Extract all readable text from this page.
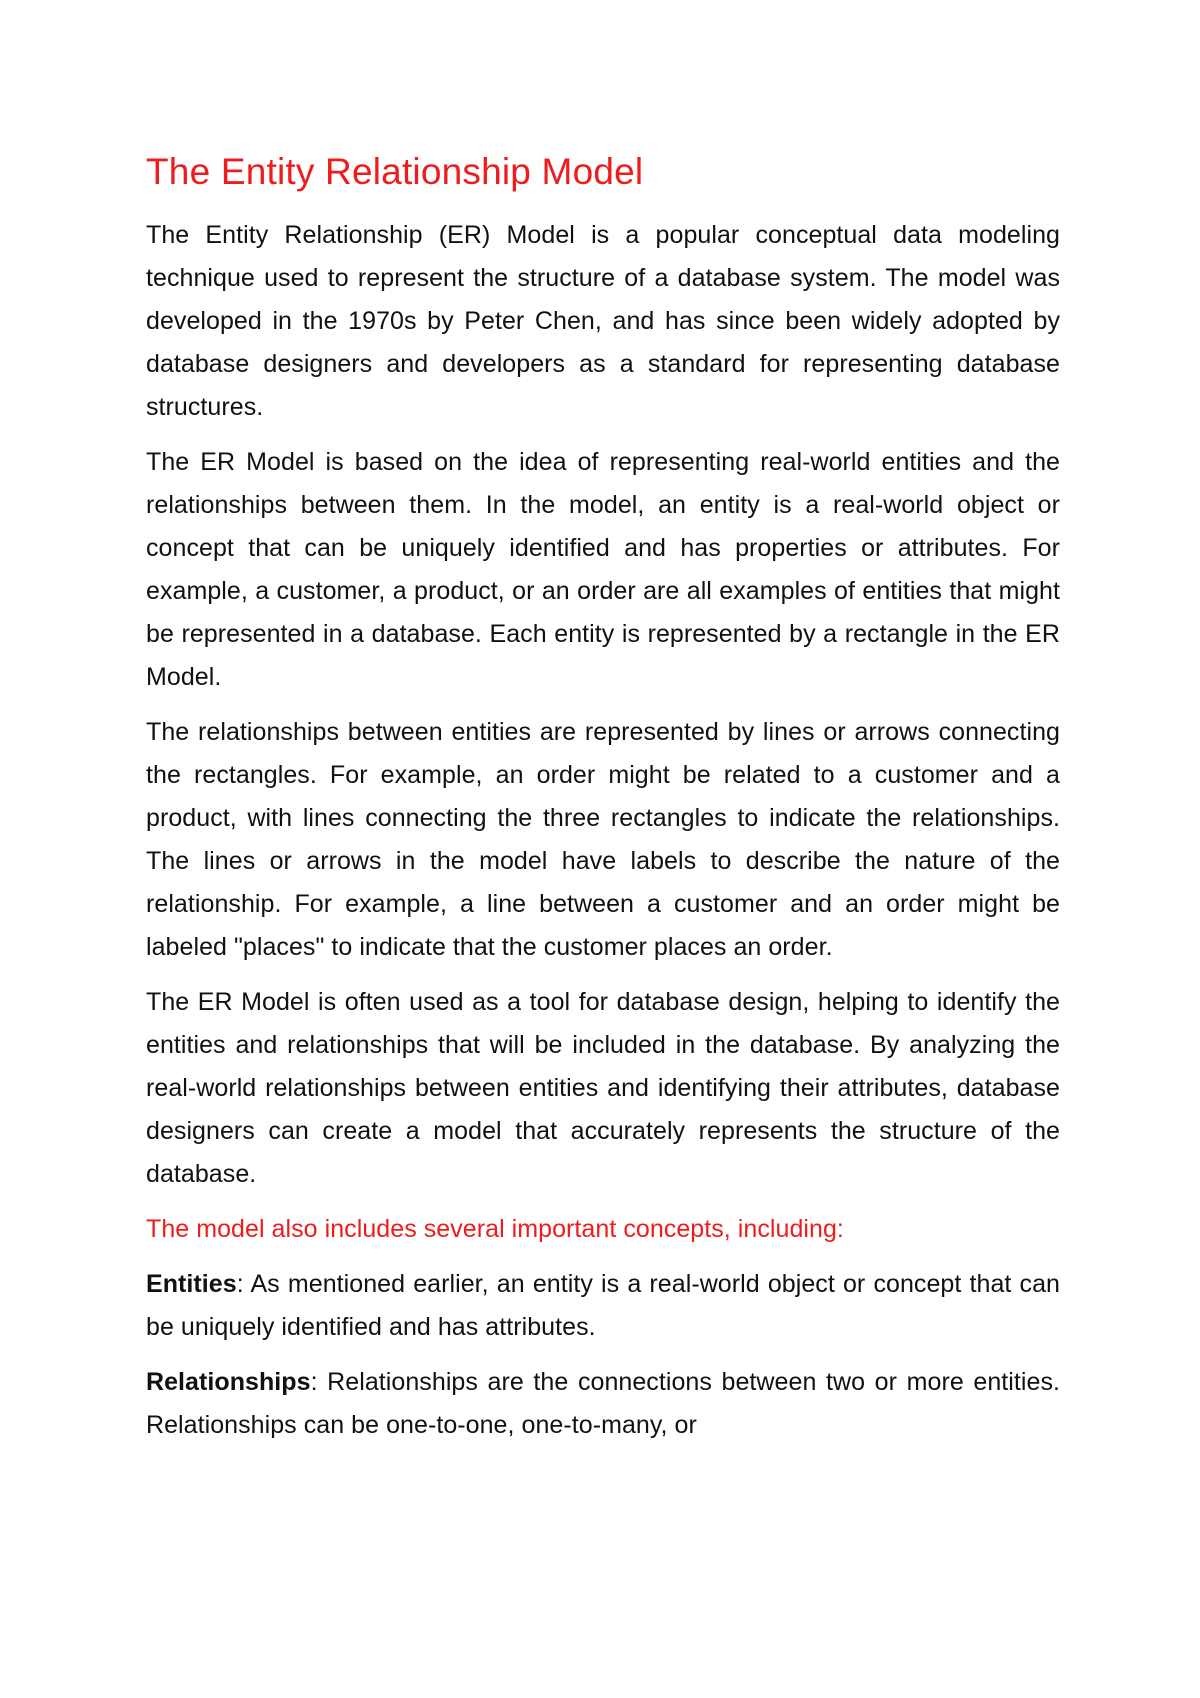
The Entity Relationship Model

The Entity Relationship (ER) Model is a popular conceptual data modeling technique used to represent the structure of a database system. The model was developed in the 1970s by Peter Chen, and has since been widely adopted by database designers and developers as a standard for representing database structures.

The ER Model is based on the idea of representing real-world entities and the relationships between them. In the model, an entity is a real-world object or concept that can be uniquely identified and has properties or attributes. For example, a customer, a product, or an order are all examples of entities that might be represented in a database. Each entity is represented by a rectangle in the ER Model.

The relationships between entities are represented by lines or arrows connecting the rectangles. For example, an order might be related to a customer and a product, with lines connecting the three rectangles to indicate the relationships. The lines or arrows in the model have labels to describe the nature of the relationship. For example, a line between a customer and an order might be labeled "places" to indicate that the customer places an order.

The ER Model is often used as a tool for database design, helping to identify the entities and relationships that will be included in the database. By analyzing the real-world relationships between entities and identifying their attributes, database designers can create a model that accurately represents the structure of the database.

The model also includes several important concepts, including:

Entities: As mentioned earlier, an entity is a real-world object or concept that can be uniquely identified and has attributes.

Relationships: Relationships are the connections between two or more entities. Relationships can be one-to-one, one-to-many, or
